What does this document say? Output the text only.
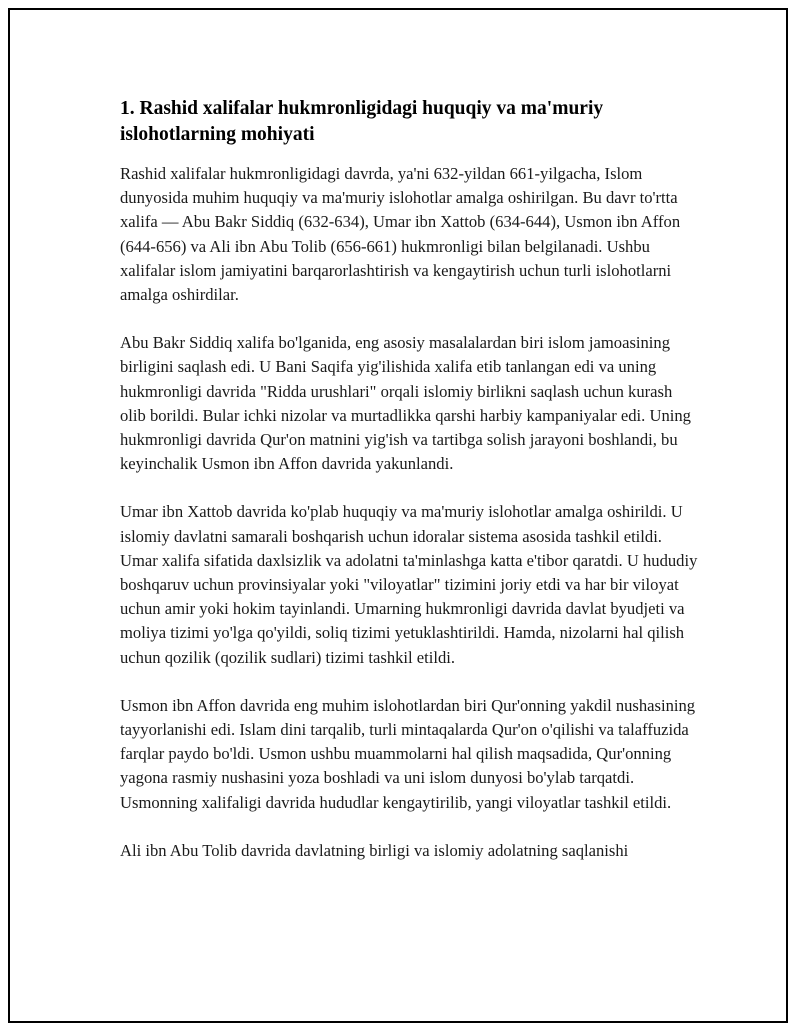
1. Rashid xalifalar hukmronligidagi huquqiy va ma'muriy islohotlarning mohiyati

Rashid xalifalar hukmronligidagi davrda, ya'ni 632-yildan 661-yilgacha, Islom dunyosida muhim huquqiy va ma'muriy islohotlar amalga oshirilgan. Bu davr to'rtta xalifa — Abu Bakr Siddiq (632-634), Umar ibn Xattob (634-644), Usmon ibn Affon (644-656) va Ali ibn Abu Tolib (656-661) hukmronligi bilan belgilanadi. Ushbu xalifalar islom jamiyatini barqarorlashtirish va kengaytirish uchun turli islohotlarni amalga oshirdilar.

Abu Bakr Siddiq xalifa bo'lganida, eng asosiy masalalardan biri islom jamoasining birligini saqlash edi. U Bani Saqifa yig'ilishida xalifa etib tanlangan edi va uning hukmronligi davrida "Ridda urushlari" orqali islomiy birlikni saqlash uchun kurash olib borildi. Bular ichki nizolar va murtadlikka qarshi harbiy kampaniyalar edi. Uning hukmronligi davrida Qur'on matnini yig'ish va tartibga solish jarayoni boshlandi, bu keyinchalik Usmon ibn Affon davrida yakunlandi.

Umar ibn Xattob davrida ko'plab huquqiy va ma'muriy islohotlar amalga oshirildi. U islomiy davlatni samarali boshqarish uchun idoralar sistema asosida tashkil etildi. Umar xalifa sifatida daxlsizlik va adolatni ta'minlashga katta e'tibor qaratdi. U hududiy boshqaruv uchun provinsiyalar yoki "viloyatlar" tizimini joriy etdi va har bir viloyat uchun amir yoki hokim tayinlandi. Umarning hukmronligi davrida davlat byudjeti va moliya tizimi yo'lga qo'yildi, soliq tizimi yetuklashtirildi. Hamda, nizolarni hal qilish uchun qozilik (qozilik sudlari) tizimi tashkil etildi.

Usmon ibn Affon davrida eng muhim islohotlardan biri Qur'onning yakdil nushasining tayyorlanishi edi. Islam dini tarqalib, turli mintaqalarda Qur'on o'qilishi va talaffuzida farqlar paydo bo'ldi. Usmon ushbu muammolarni hal qilish maqsadida, Qur'onning yagona rasmiy nushasini yoza boshladi va uni islom dunyosi bo'ylab tarqatdi. Usmonning xalifaligi davrida hududlar kengaytirilib, yangi viloyatlar tashkil etildi.

Ali ibn Abu Tolib davrida davlatning birligi va islomiy adolatning saqlanishi
